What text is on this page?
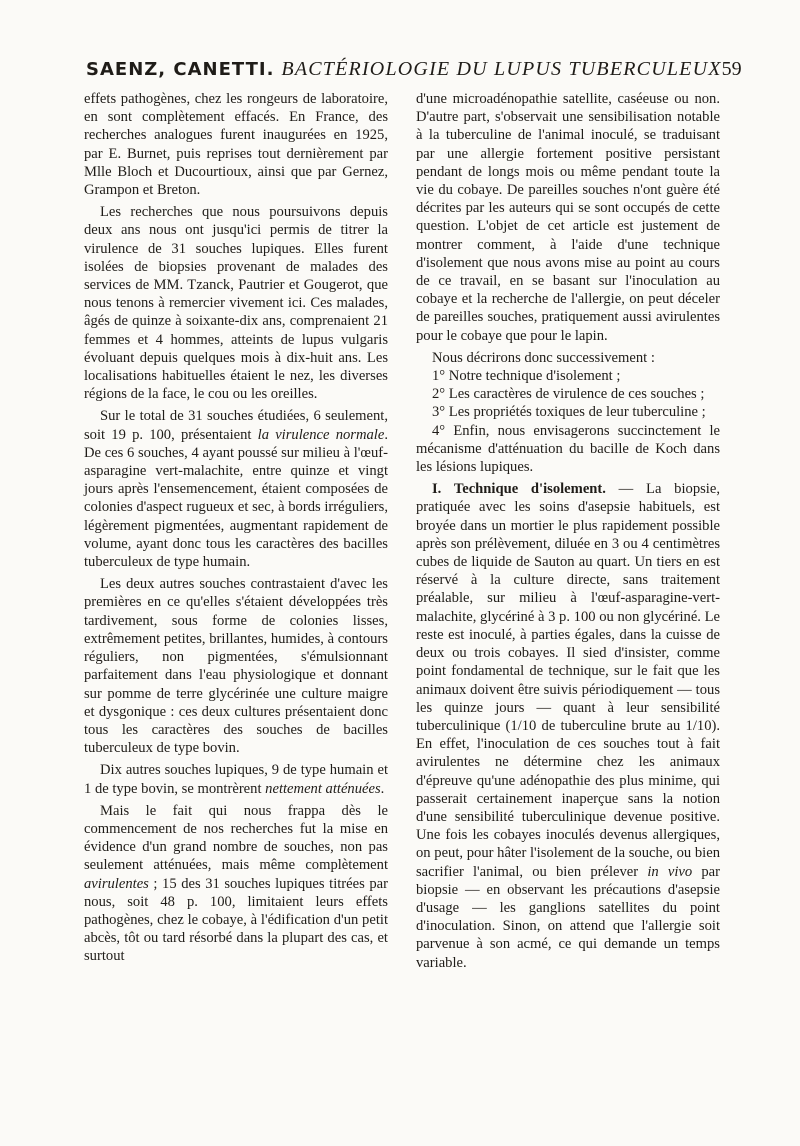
SAENZ, CANETTI. BACTÉRIOLOGIE DU LUPUS TUBERCULEUX 59

effets pathogènes, chez les rongeurs de laboratoire, en sont complètement effacés. En France, des recherches analogues furent inaugurées en 1925, par E. Burnet, puis reprises tout dernièrement par Mlle Bloch et Ducourtioux, ainsi que par Gernez, Grampon et Breton.

Les recherches que nous poursuivons depuis deux ans nous ont jusqu'ici permis de titrer la virulence de 31 souches lupiques. Elles furent isolées de biopsies provenant de malades des services de MM. Tzanck, Pautrier et Gougerot, que nous tenons à remercier vivement ici. Ces malades, âgés de quinze à soixante-dix ans, comprenaient 21 femmes et 4 hommes, atteints de lupus vulgaris évoluant depuis quelques mois à dix-huit ans. Les localisations habituelles étaient le nez, les diverses régions de la face, le cou ou les oreilles.

Sur le total de 31 souches étudiées, 6 seulement, soit 19 p. 100, présentaient la virulence normale. De ces 6 souches, 4 ayant poussé sur milieu à l'œuf-asparagine vert-malachite, entre quinze et vingt jours après l'ensemencement, étaient composées de colonies d'aspect rugueux et sec, à bords irréguliers, légèrement pigmentées, augmentant rapidement de volume, ayant donc tous les caractères des bacilles tuberculeux de type humain.

Les deux autres souches contrastaient d'avec les premières en ce qu'elles s'étaient développées très tardivement, sous forme de colonies lisses, extrêmement petites, brillantes, humides, à contours réguliers, non pigmentées, s'émulsionnant parfaitement dans l'eau physiologique et donnant sur pomme de terre glycérinée une culture maigre et dysgonique : ces deux cultures présentaient donc tous les caractères des souches de bacilles tuberculeux de type bovin.

Dix autres souches lupiques, 9 de type humain et 1 de type bovin, se montrèrent nettement atténuées.

Mais le fait qui nous frappa dès le commencement de nos recherches fut la mise en évidence d'un grand nombre de souches, non pas seulement atténuées, mais même complètement avirulentes ; 15 des 31 souches lupiques titrées par nous, soit 48 p. 100, limitaient leurs effets pathogènes, chez le cobaye, à l'édification d'un petit abcès, tôt ou tard résorbé dans la plupart des cas, et surtout

d'une microadénopathie satellite, caséeuse ou non. D'autre part, s'observait une sensibilisation notable à la tuberculine de l'animal inoculé, se traduisant par une allergie fortement positive persistant pendant de longs mois ou même pendant toute la vie du cobaye. De pareilles souches n'ont guère été décrites par les auteurs qui se sont occupés de cette question. L'objet de cet article est justement de montrer comment, à l'aide d'une technique d'isolement que nous avons mise au point au cours de ce travail, en se basant sur l'inoculation au cobaye et la recherche de l'allergie, on peut déceler de pareilles souches, pratiquement aussi avirulentes pour le cobaye que pour le lapin.

Nous décrirons donc successivement :

1° Notre technique d'isolement ;

2° Les caractères de virulence de ces souches ;

3° Les propriétés toxiques de leur tuberculine ;

4° Enfin, nous envisagerons succinctement le mécanisme d'atténuation du bacille de Koch dans les lésions lupiques.

I. Technique d'isolement. — La biopsie, pratiquée avec les soins d'asepsie habituels, est broyée dans un mortier le plus rapidement possible après son prélèvement, diluée en 3 ou 4 centimètres cubes de liquide de Sauton au quart. Un tiers en est réservé à la culture directe, sans traitement préalable, sur milieu à l'œuf-asparagine-vert-malachite, glycériné à 3 p. 100 ou non glycériné. Le reste est inoculé, à parties égales, dans la cuisse de deux ou trois cobayes. Il sied d'insister, comme point fondamental de technique, sur le fait que les animaux doivent être suivis périodiquement — tous les quinze jours — quant à leur sensibilité tuberculinique (1/10 de tuberculine brute au 1/10). En effet, l'inoculation de ces souches tout à fait avirulentes ne détermine chez les animaux d'épreuve qu'une adénopathie des plus minime, qui passerait certainement inaperçue sans la notion d'une sensibilité tuberculinique devenue positive. Une fois les cobayes inoculés devenus allergiques, on peut, pour hâter l'isolement de la souche, ou bien sacrifier l'animal, ou bien prélever in vivo par biopsie — en observant les précautions d'asepsie d'usage — les ganglions satellites du point d'inoculation. Sinon, on attend que l'allergie soit parvenue à son acmé, ce qui demande un temps variable.
